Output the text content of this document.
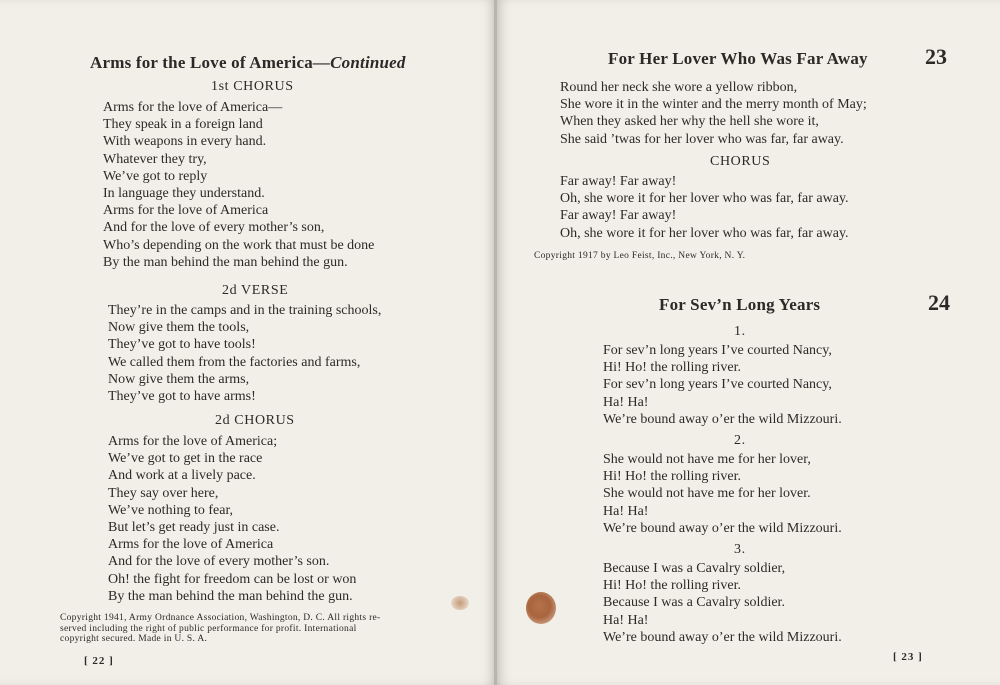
Arms for the Love of America—Continued
1st CHORUS
Arms for the love of America—
They speak in a foreign land
With weapons in every hand.
Whatever they try,
We’ve got to reply
In language they understand.
Arms for the love of America
And for the love of every mother’s son,
Who’s depending on the work that must be done
By the man behind the man behind the gun.
2d VERSE
They’re in the camps and in the training schools,
Now give them the tools,
They’ve got to have tools!
We called them from the factories and farms,
Now give them the arms,
They’ve got to have arms!
2d CHORUS
Arms for the love of America;
We’ve got to get in the race
And work at a lively pace.
They say over here,
We’ve nothing to fear,
But let’s get ready just in case.
Arms for the love of America
And for the love of every mother’s son.
Oh! the fight for freedom can be lost or won
By the man behind the man behind the gun.
Copyright 1941, Army Ordnance Association, Washington, D. C. All rights re-
served including the right of public performance for profit. International
copyright secured. Made in U. S. A.
[ 22 ]
For Her Lover Who Was Far Away	23
Round her neck she wore a yellow ribbon,
She wore it in the winter and the merry month of May;
When they asked her why the hell she wore it,
She said ’twas for her lover who was far, far away.
CHORUS
Far away! Far away!
Oh, she wore it for her lover who was far, far away.
Far away! Far away!
Oh, she wore it for her lover who was far, far away.
Copyright 1917 by Leo Feist, Inc., New York, N. Y.
For Sev’n Long Years	24
1.
For sev’n long years I’ve courted Nancy,
Hi! Ho! the rolling river.
For sev’n long years I’ve courted Nancy,
Ha! Ha!
We’re bound away o’er the wild Mizzouri.
2.
She would not have me for her lover,
Hi! Ho! the rolling river.
She would not have me for her lover.
Ha! Ha!
We’re bound away o’er the wild Mizzouri.
3.
Because I was a Cavalry soldier,
Hi! Ho! the rolling river.
Because I was a Cavalry soldier.
Ha! Ha!
We’re bound away o’er the wild Mizzouri.
[ 23 ]
